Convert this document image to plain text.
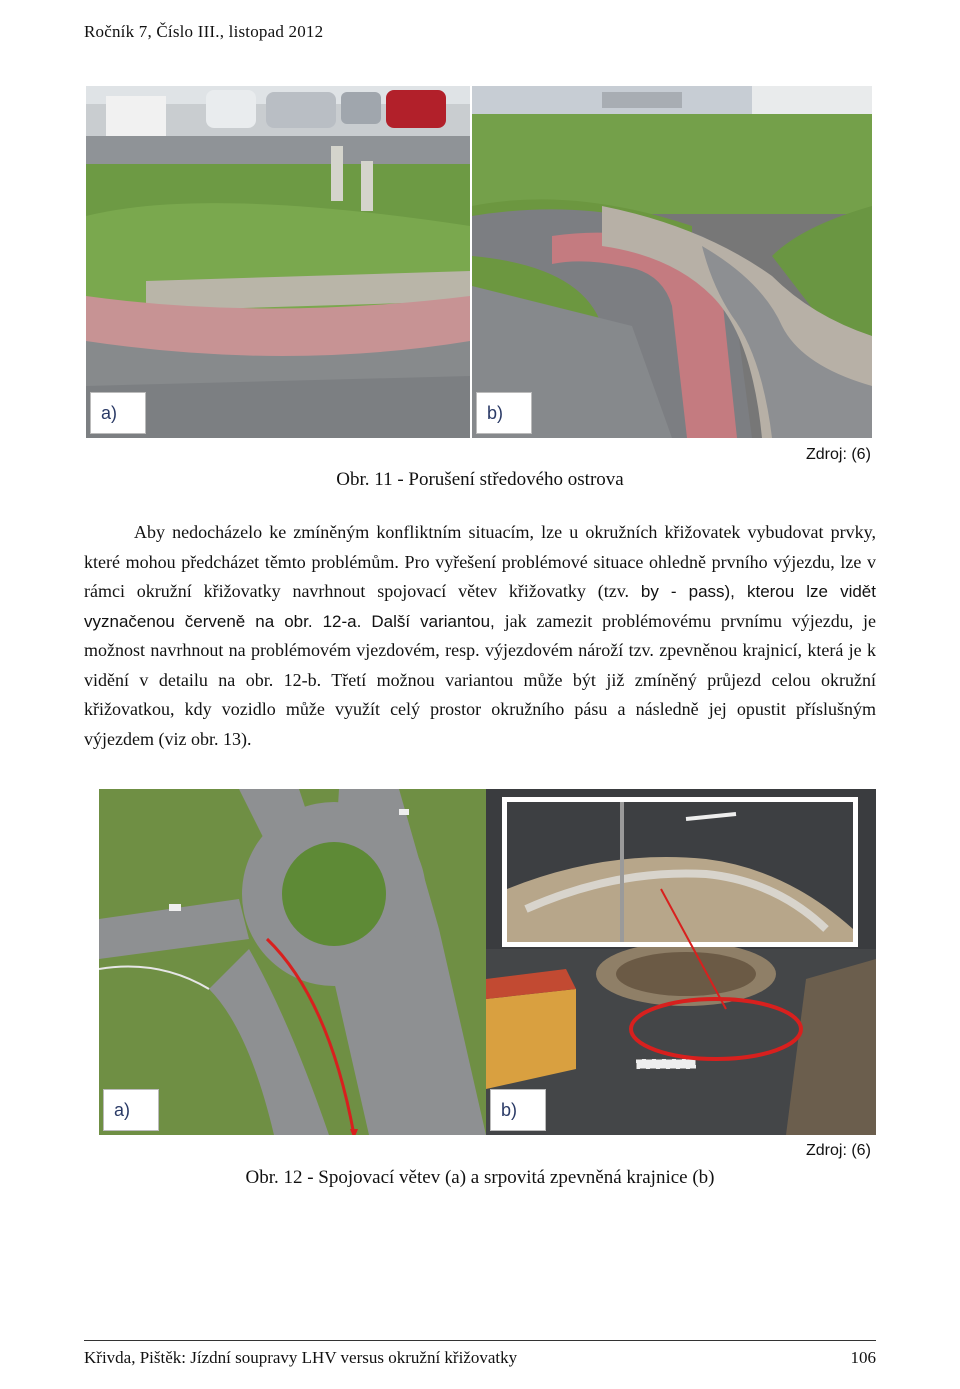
Ročník 7, Číslo III., listopad 2012
a)	b)
Zdroj: (6)
Obr. 11 - Porušení středového ostrova

Aby nedocházelo ke zmíněným konfliktním situacím, lze u okružních křižovatek vybudovat prvky, které mohou předcházet těmto problémům. Pro vyřešení problémové situace ohledně prvního výjezdu, lze v rámci okružní křižovatky navrhnout spojovací větev křižovatky (tzv. by - pass), kterou lze vidět vyznačenou červeně na obr. 12-a. Další variantou, jak zamezit problémovému prvnímu výjezdu, je možnost navrhnout na problémovém vjezdovém, resp. výjezdovém nároží tzv. zpevněnou krajnicí, která je k vidění v detailu na obr. 12-b. Třetí možnou variantou může být již zmíněný průjezd celou okružní křižovatkou, kdy vozidlo může využít celý prostor okružního pásu a následně jej opustit příslušným výjezdem (viz obr. 13).

a)	b)
Zdroj: (6)
Obr. 12 - Spojovací větev (a) a srpovitá zpevněná krajnice (b)
Křivda, Pištěk: Jízdní soupravy LHV versus okružní křižovatky	106
